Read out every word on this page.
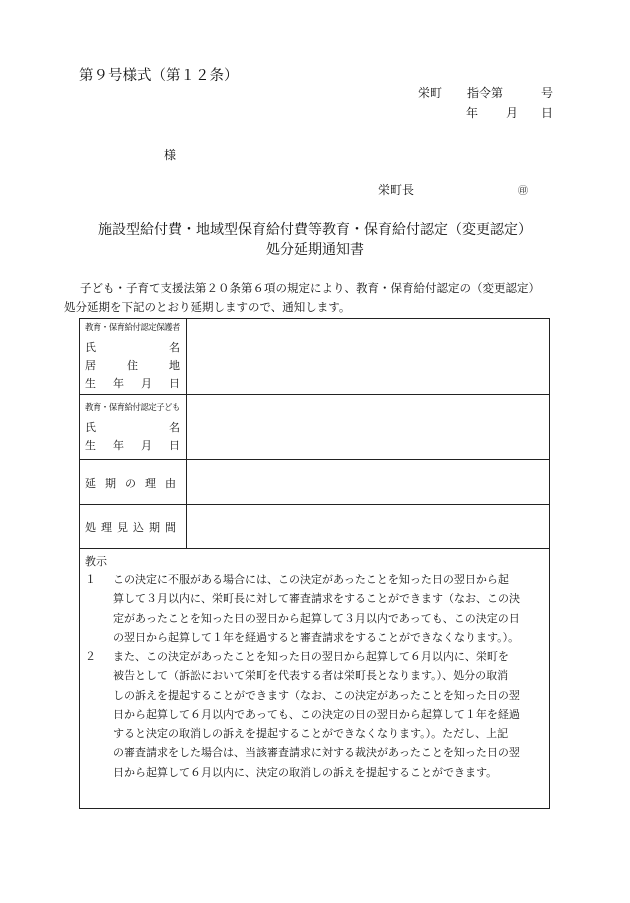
第９号様式（第１２条）
栄町 指令第	号
年 月 日
様
栄町長	㊞
施設型給付費・地域型保育給付費等教育・保育給付認定（変更認定）
処分延期通知書

子ども・子育て支援法第２０条第６項の規定により、教育・保育給付認定の（変更認定）

処分延期を下記のとおり延期しますので、通知します。

教育・保育給付認定保護者
氏	名
居	住	地
生 年 月 日
教育・保育給付認定子ども
氏	名
生 年 月 日
延 期 の 理 由
処 理 見 込 期 間
教示
１ この決定に不服がある場合には、この決定があったことを知った日の翌日から起
算して３月以内に、栄町長に対して審査請求をすることができます（なお、この決
定があったことを知った日の翌日から起算して３月以内であっても、この決定の日
の翌日から起算して１年を経過すると審査請求をすることができなくなります。）。
２ また、この決定があったことを知った日の翌日から起算して６月以内に、栄町を
被告として（訴訟において栄町を代表する者は栄町長となります。）、処分の取消
しの訴えを提起することができます（なお、この決定があったことを知った日の翌
日から起算して６月以内であっても、この決定の日の翌日から起算して１年を経過
すると決定の取消しの訴えを提起することができなくなります。）。ただし、上記
の審査請求をした場合は、当該審査請求に対する裁決があったことを知った日の翌
日から起算して６月以内に、決定の取消しの訴えを提起することができます。
